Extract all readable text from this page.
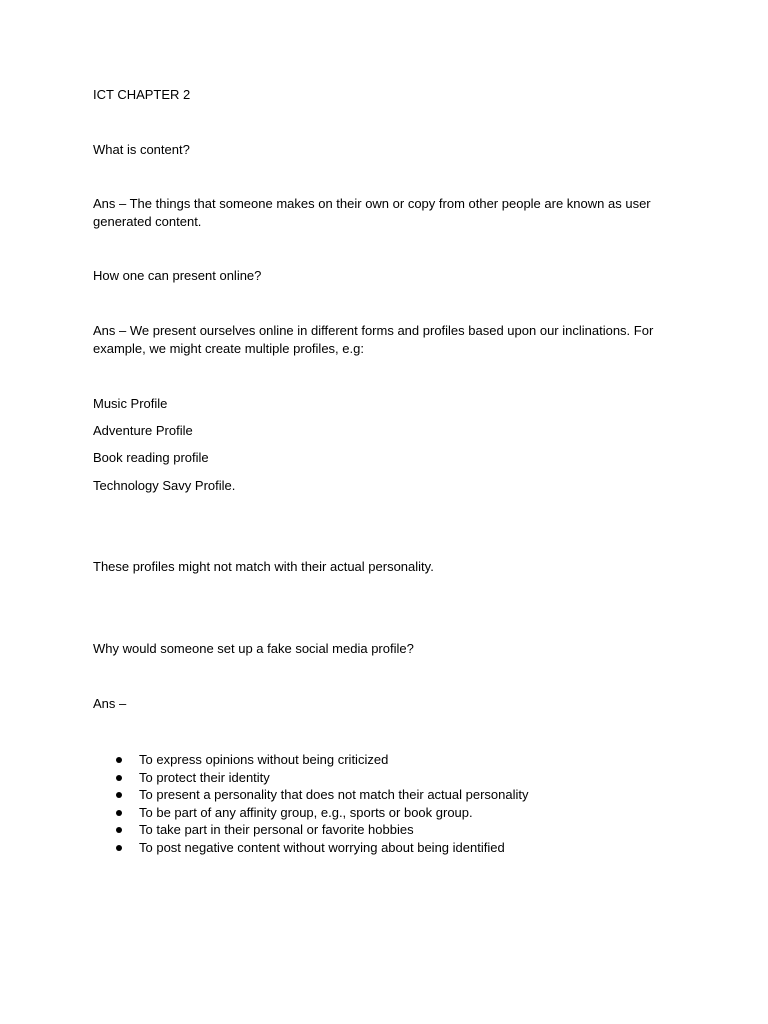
ICT CHAPTER 2
What is content?
Ans – The things that someone makes on their own or copy from other people are known as user generated content.
How one can present online?
Ans – We present ourselves online in different forms and profiles based upon our inclinations. For example, we might create multiple profiles, e.g:
Music Profile
Adventure Profile
Book reading profile
Technology Savy Profile.
These profiles might not match with their actual personality.
Why would someone set up a fake social media profile?
Ans –
To express opinions without being criticized
To protect their identity
To present a personality that does not match their actual personality
To be part of any affinity group, e.g., sports or book group.
To take part in their personal or favorite hobbies
To post negative content without worrying about being identified
